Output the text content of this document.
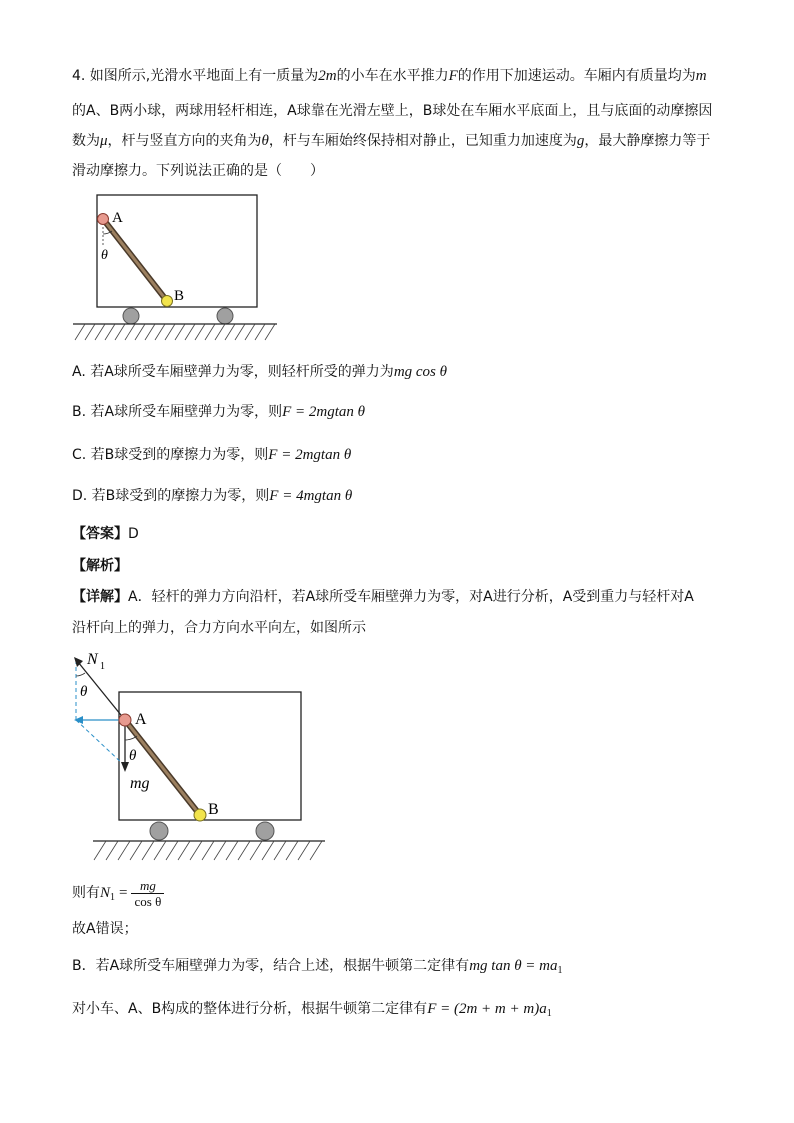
4. 如图所示,光滑水平地面上有一质量为2m的小车在水平推力F的作用下加速运动。车厢内有质量均为m
的A、B两小球，两球用轻杆相连，A球靠在光滑左壁上，B球处在车厢水平底面上，且与底面的动摩擦因
数为μ，杆与竖直方向的夹角为θ，杆与车厢始终保持相对静止，已知重力加速度为g，最大静摩擦力等于
滑动摩擦力。下列说法正确的是（　　）
A
B
θ
A. 若A球所受车厢壁弹力为零，则轻杆所受的弹力为mg cos θ
B. 若A球所受车厢壁弹力为零，则F = 2mgtan θ
C. 若B球受到的摩擦力为零，则F = 2mgtan θ
D. 若B球受到的摩擦力为零，则F = 4mgtan θ
【答案】D
【解析】
【详解】A．轻杆的弹力方向沿杆，若A球所受车厢壁弹力为零，对A进行分析，A受到重力与轻杆对A
沿杆向上的弹力，合力方向水平向左，如图所示
N 1
θ
A
θ
mg
B
则有$N_1 = \frac{mg}{\text{cos θ}}$
故A错误；
B．若A球所受车厢壁弹力为零，结合上述，根据牛顿第二定律有mg $\tan \theta = ma_1$
对小车、A、B构成的整体进行分析，根据牛顿第二定律有$F = (2m + m + m)a_1$
